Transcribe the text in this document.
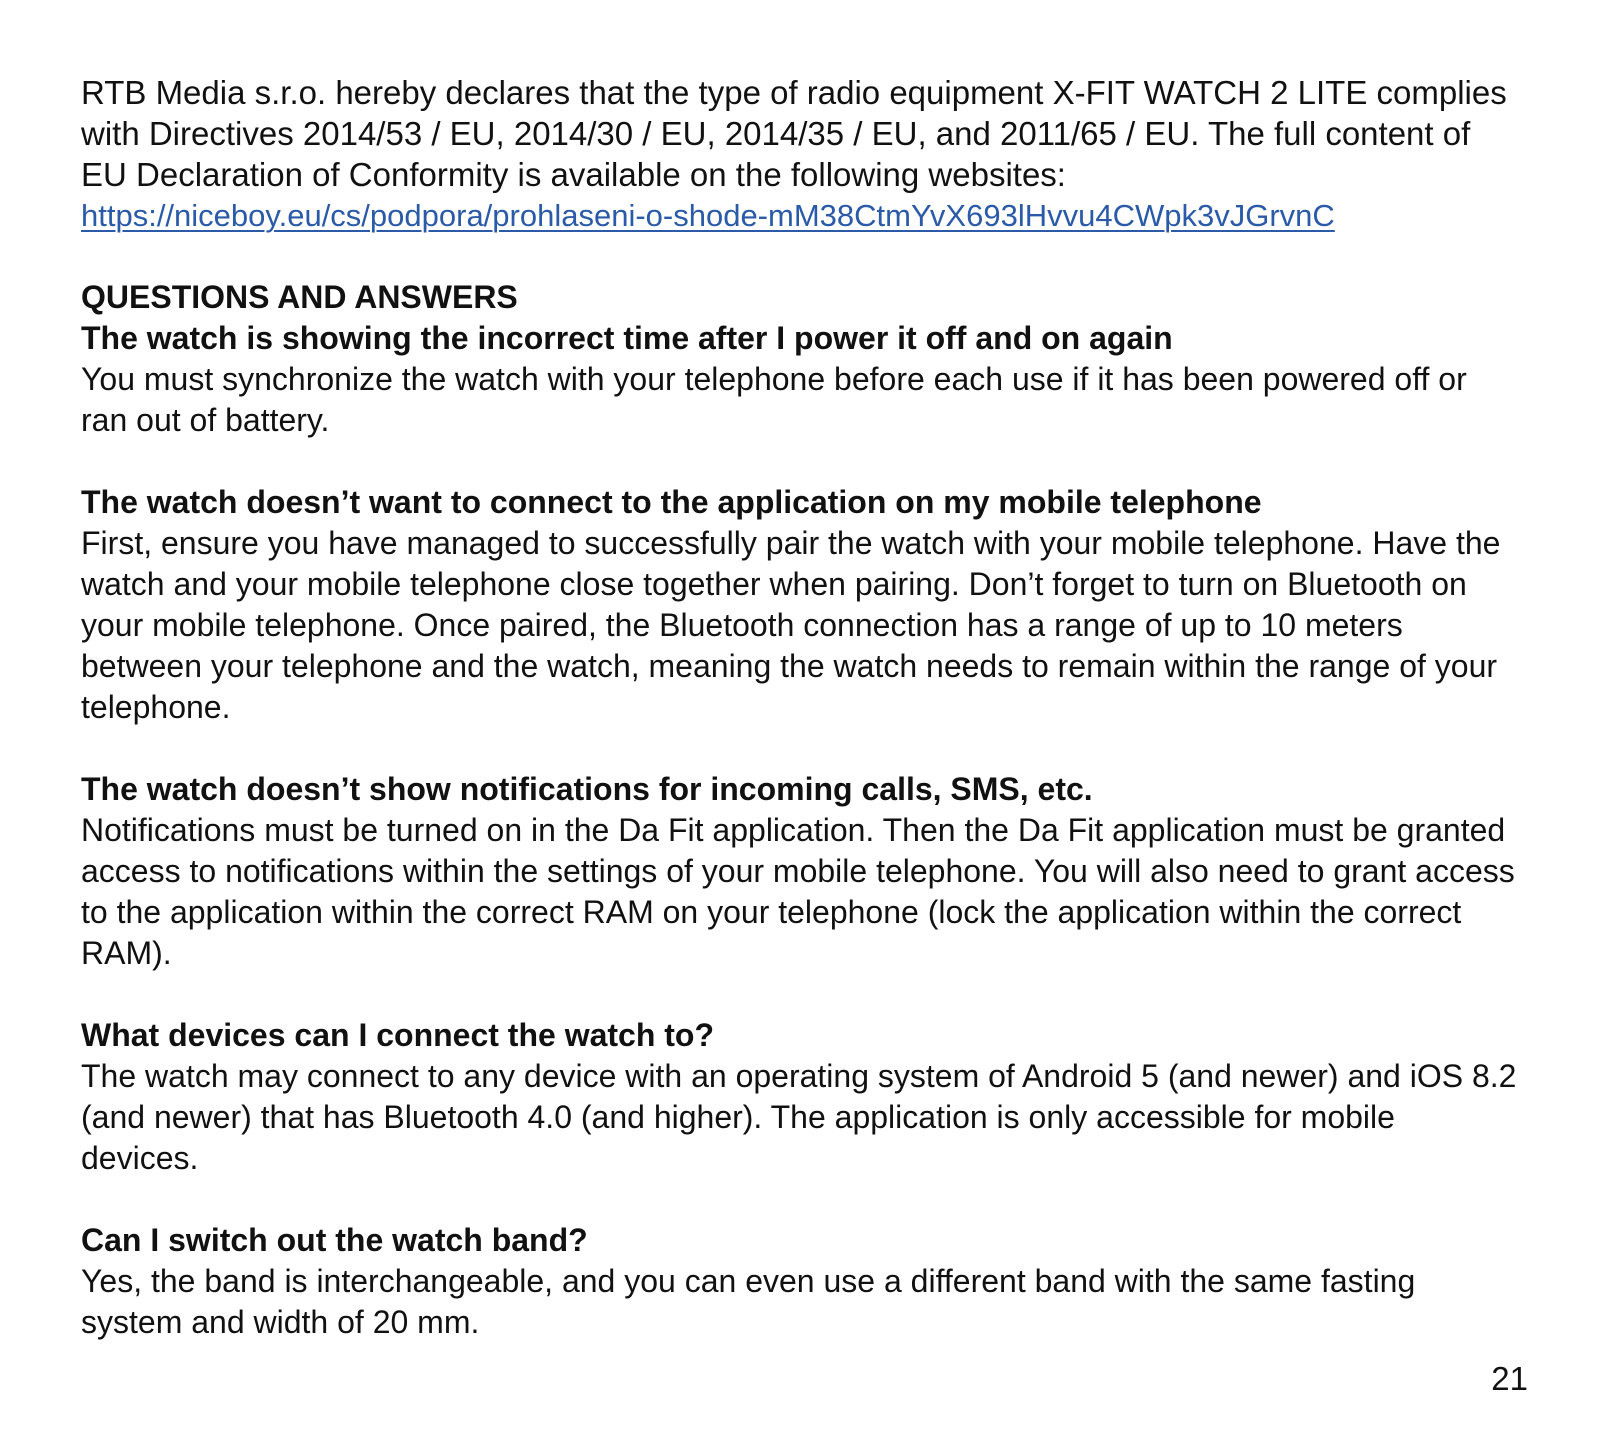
RTB Media s.r.o. hereby declares that the type of radio equipment X-FIT WATCH 2 LITE complies with Directives 2014/53 / EU, 2014/30 / EU, 2014/35 / EU, and 2011/65 / EU. The full content of EU Declaration of Conformity is available on the following websites:

https://niceboy.eu/cs/podpora/prohlaseni-o-shode-mM38CtmYvX693lHvvu4CWpk3vJGrvnC
QUESTIONS AND ANSWERS

The watch is showing the incorrect time after I power it off and on again

You must synchronize the watch with your telephone before each use if it has been powered off or ran out of battery.

The watch doesn’t want to connect to the application on my mobile telephone

First, ensure you have managed to successfully pair the watch with your mobile telephone. Have the watch and your mobile telephone close together when pairing. Don’t forget to turn on Bluetooth on your mobile telephone. Once paired, the Bluetooth connection has a range of up to 10 meters between your telephone and the watch, meaning the watch needs to remain within the range of your telephone.

The watch doesn’t show notifications for incoming calls, SMS, etc.

Notifications must be turned on in the Da Fit application. Then the Da Fit application must be granted access to notifications within the settings of your mobile telephone. You will also need to grant access to the application within the correct RAM on your telephone (lock the application within the correct RAM).

What devices can I connect the watch to?

The watch may connect to any device with an operating system of Android 5 (and newer) and iOS 8.2 (and newer) that has Bluetooth 4.0 (and higher). The application is only accessible for mobile devices.

Can I switch out the watch band?

Yes, the band is interchangeable, and you can even use a different band with the same fasting system and width of 20 mm.

21
